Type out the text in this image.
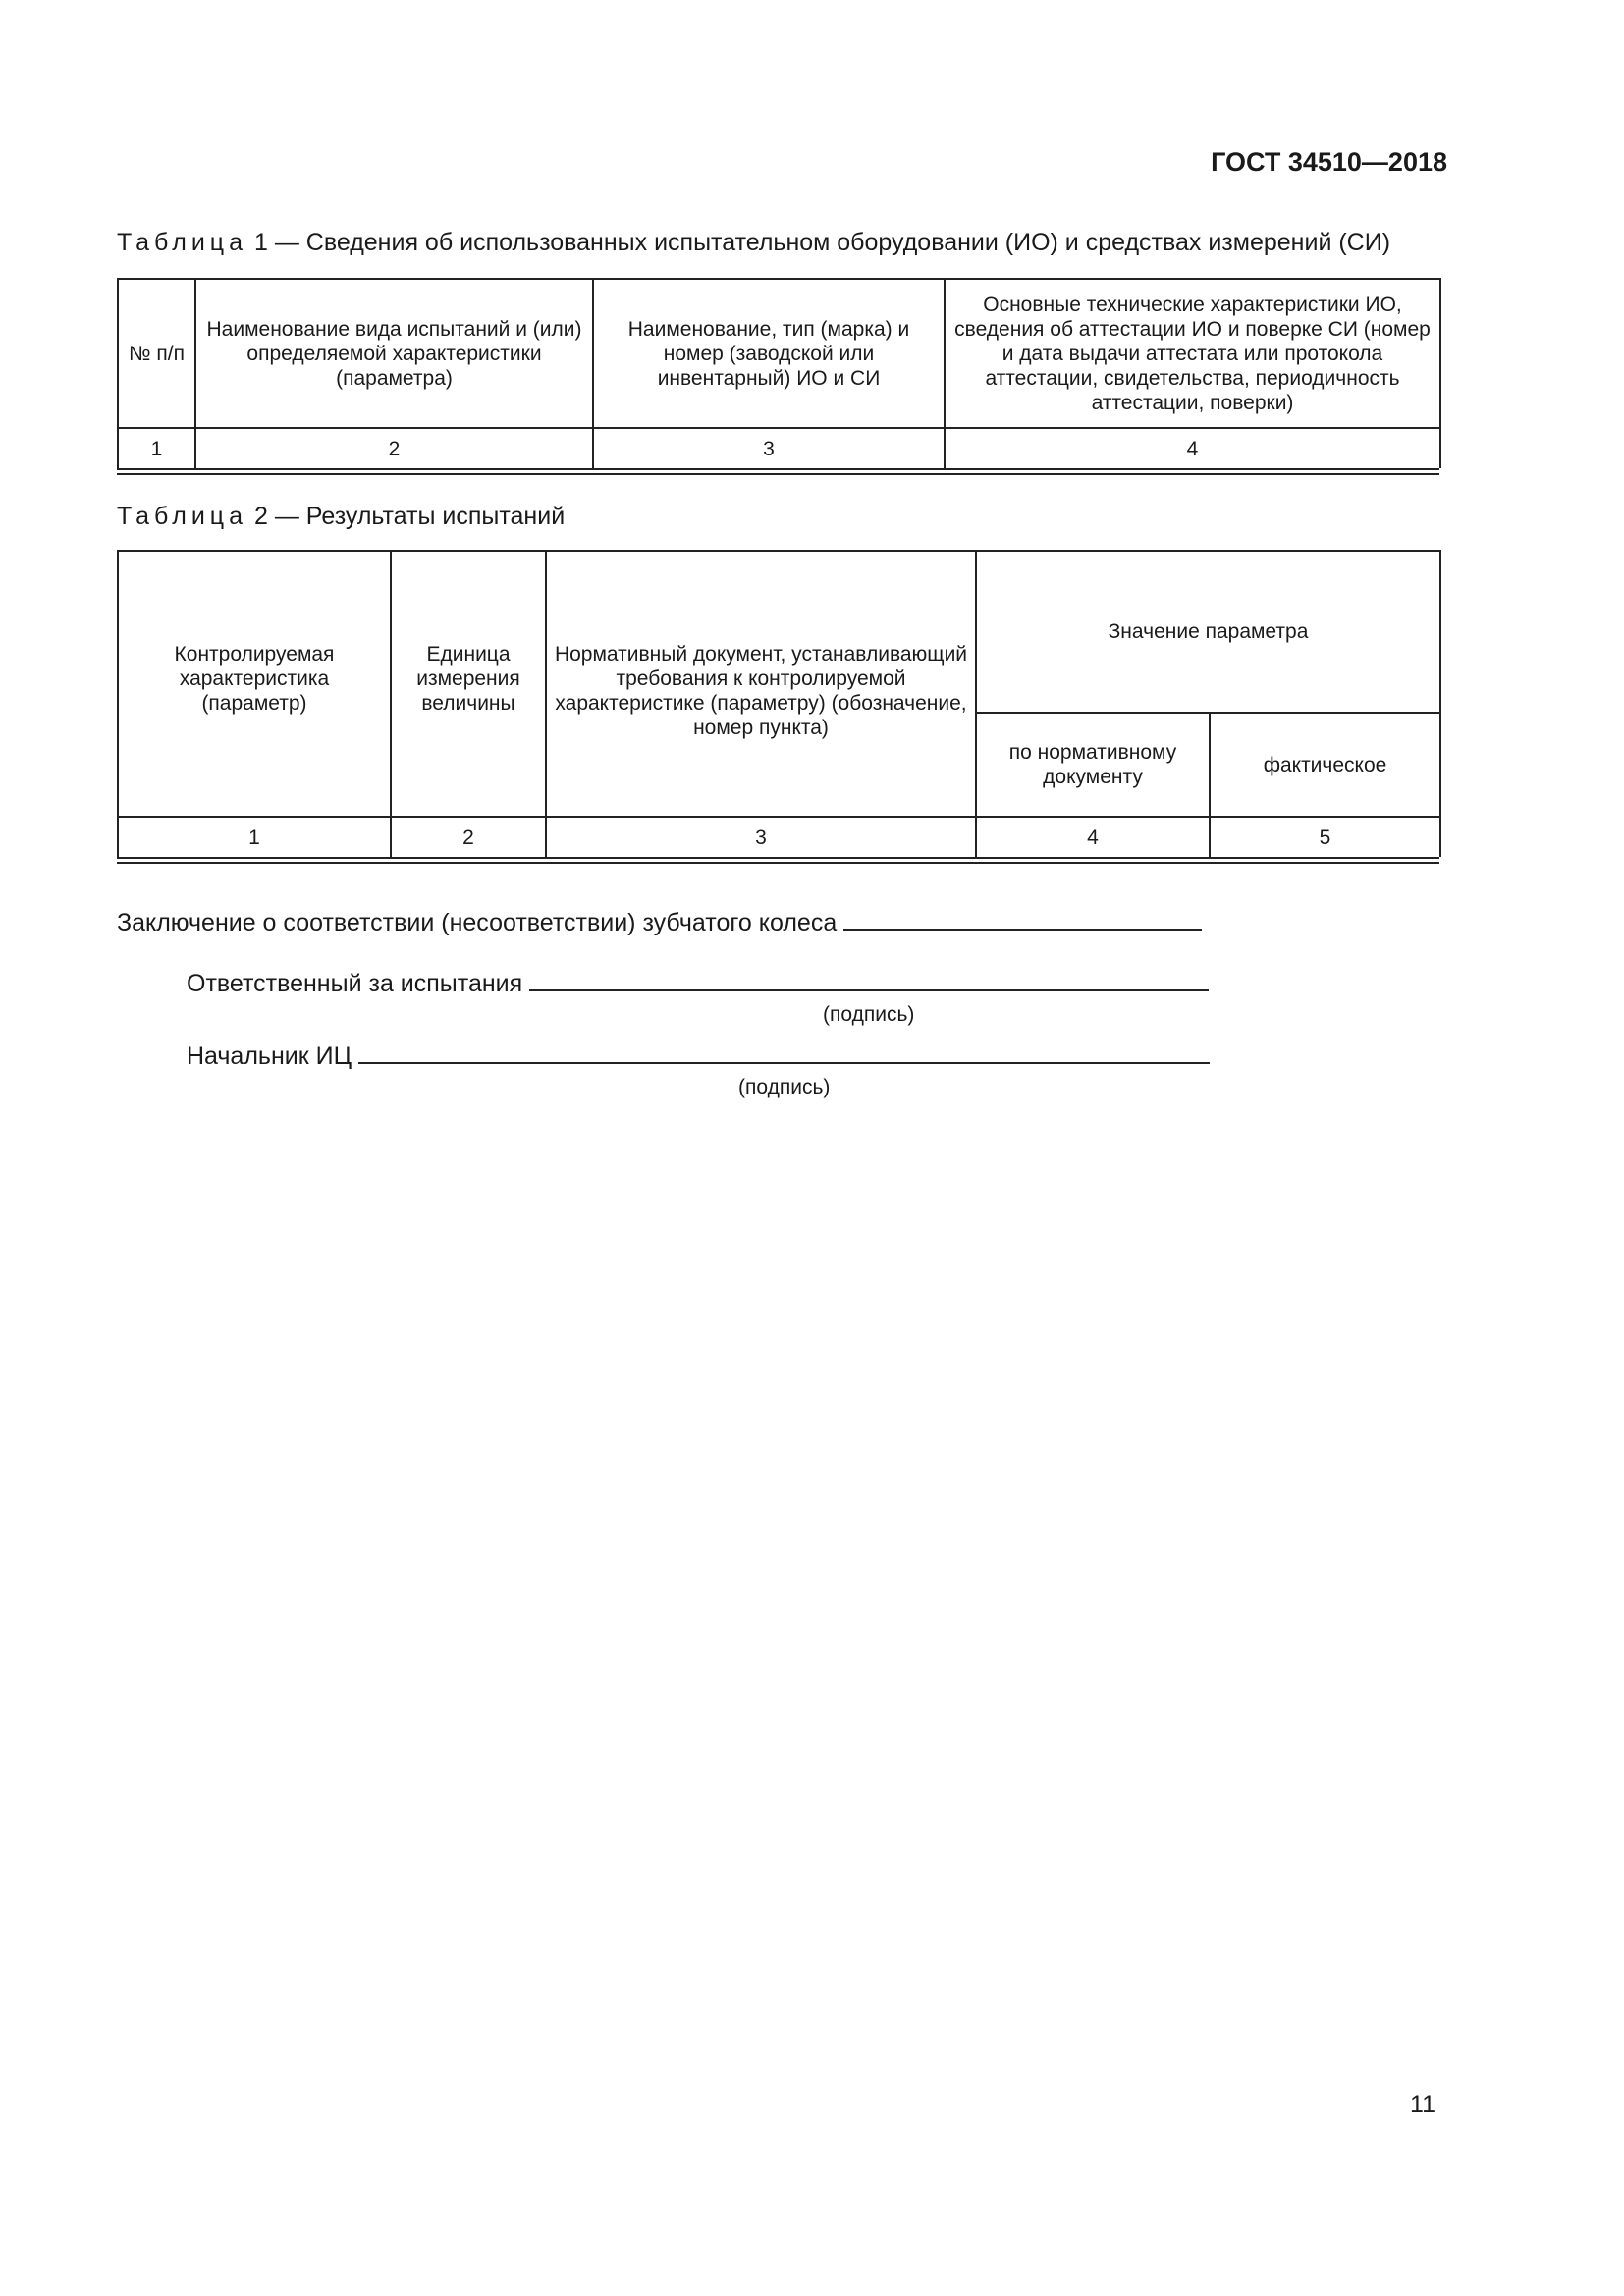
ГОСТ 34510—2018
Таблица 1 — Сведения об использованных испытательном оборудовании (ИО) и средствах измерений (СИ)
№ п/п	Наименование вида испытаний и (или) определяемой характеристики (параметра)	Наименование, тип (марка) и номер (заводской или инвентарный) ИО и СИ	Основные технические характеристики ИО, сведения об аттестации ИО и поверке СИ (номер и дата выдачи аттестата или протокола аттестации, свидетельства, периодичность аттестации, поверки)
1	2	3	4
Таблица 2 — Результаты испытаний
Контролируемая характеристика (параметр)	Единица измерения величины	Нормативный документ, устанавливающий требования к контролируемой характеристике (параметру) (обозначение, номер пункта)	Значение параметра	
			по нормативному документу	фактическое
1	2	3	4	5
Заключение о соответствии (несоответствии) зубчатого колеса
Ответственный за испытания
(подпись)
Начальник ИЦ
(подпись)
11
